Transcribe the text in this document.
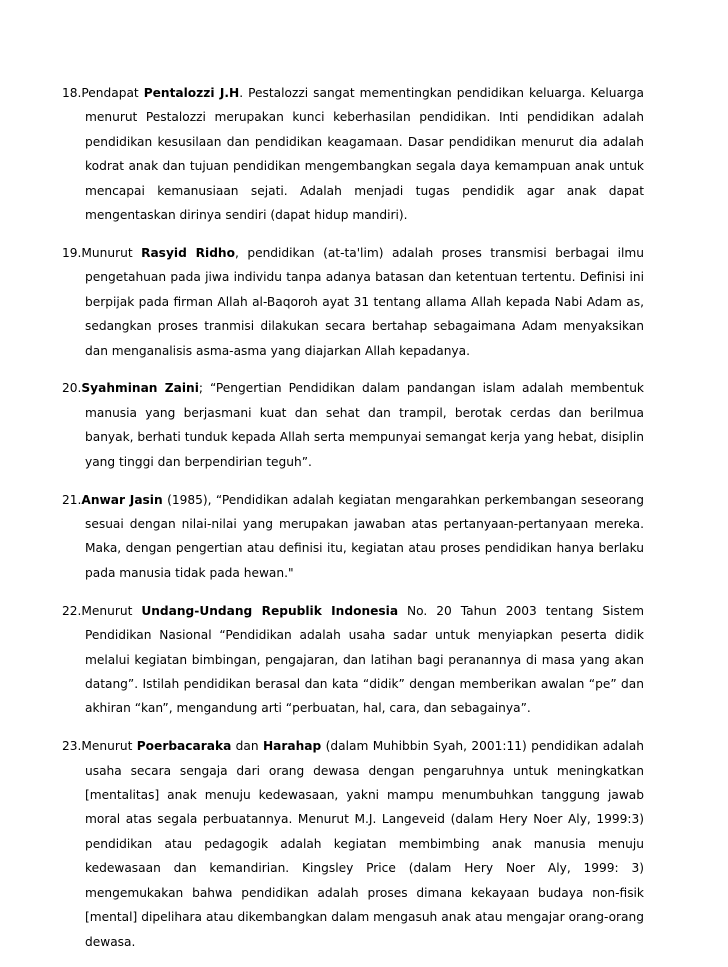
18.Pendapat Pentalozzi J.H. Pestalozzi sangat mementingkan pendidikan keluarga. Keluarga menurut Pestalozzi merupakan kunci keberhasilan pendidikan. Inti pendidikan adalah pendidikan kesusilaan dan pendidikan keagamaan. Dasar pendidikan menurut dia adalah kodrat anak dan tujuan pendidikan mengembangkan segala daya kemampuan anak untuk mencapai kemanusiaan sejati. Adalah menjadi tugas pendidik agar anak dapat mengentaskan dirinya sendiri (dapat hidup mandiri).

19.Munurut Rasyid Ridho, pendidikan (at-ta'lim) adalah proses transmisi berbagai ilmu pengetahuan pada jiwa individu tanpa adanya batasan dan ketentuan tertentu. Definisi ini berpijak pada firman Allah al-Baqoroh ayat 31 tentang allama Allah kepada Nabi Adam as, sedangkan proses tranmisi dilakukan secara bertahap sebagaimana Adam menyaksikan dan menganalisis asma-asma yang diajarkan Allah kepadanya.

20.Syahminan Zaini; “Pengertian Pendidikan dalam pandangan islam adalah membentuk manusia yang berjasmani kuat dan sehat dan trampil, berotak cerdas dan berilmua banyak, berhati tunduk kepada Allah serta mempunyai semangat kerja yang hebat, disiplin yang tinggi dan berpendirian teguh”.

21.Anwar Jasin (1985), “Pendidikan adalah kegiatan mengarahkan perkembangan seseorang sesuai dengan nilai-nilai yang merupakan jawaban atas pertanyaan-pertanyaan mereka. Maka, dengan pengertian atau definisi itu, kegiatan atau proses pendidikan hanya berlaku pada manusia tidak pada hewan."

22.Menurut Undang-Undang Republik Indonesia No. 20 Tahun 2003 tentang Sistem Pendidikan Nasional “Pendidikan adalah usaha sadar untuk menyiapkan peserta didik melalui kegiatan bimbingan, pengajaran, dan latihan bagi peranannya di masa yang akan datang”. Istilah pendidikan berasal dan kata “didik” dengan memberikan awalan “pe” dan akhiran “kan”, mengandung arti “perbuatan, hal, cara, dan sebagainya”.

23.Menurut Poerbacaraka dan Harahap (dalam Muhibbin Syah, 2001:11) pendidikan adalah usaha secara sengaja dari orang dewasa dengan pengaruhnya untuk meningkatkan [mentalitas] anak menuju kedewasaan, yakni mampu menumbuhkan tanggung jawab moral atas segala perbuatannya. Menurut M.J. Langeveid (dalam Hery Noer Aly, 1999:3) pendidikan atau pedagogik adalah kegiatan membimbing anak manusia menuju kedewasaan dan kemandirian. Kingsley Price (dalam Hery Noer Aly, 1999: 3) mengemukakan bahwa pendidikan adalah proses dimana kekayaan budaya non-fisik [mental] dipelihara atau dikembangkan dalam mengasuh anak atau mengajar orang-orang dewasa.
